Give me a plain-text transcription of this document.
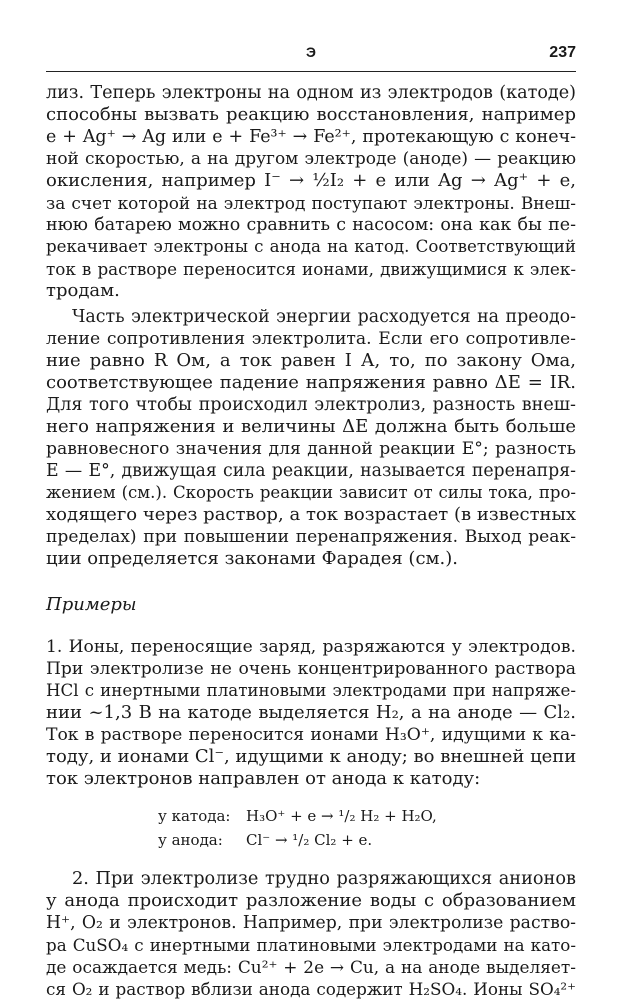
Э	237

лиз. Теперь электроны на одном из электродов (катоде)
способны вызвать реакцию восстановления, например
e + Ag⁺ → Ag или e + Fe³⁺ → Fe²⁺, протекающую с конеч-
ной скоростью, а на другом электроде (аноде) — реакцию
окисления, например I⁻ → ½I₂ + e или Ag → Ag⁺ + e,
за счет которой на электрод поступают электроны. Внеш-
нюю батарею можно сравнить с насосом: она как бы пе-
рекачивает электроны с анода на катод. Соответствующий
ток в растворе переносится ионами, движущимися к элек-
тродам.

Часть электрической энергии расходуется на преодо-
ление сопротивления электролита. Если его сопротивле-
ние равно R Ом, а ток равен I А, то, по закону Ома,
соответствующее падение напряжения равно ΔE = IR.
Для того чтобы происходил электролиз, разность внеш-
него напряжения и величины ΔE должна быть больше
равновесного значения для данной реакции E°; разность
E — E°, движущая сила реакции, называется перенапря-
жением (см.). Скорость реакции зависит от силы тока, про-
ходящего через раствор, а ток возрастает (в известных
пределах) при повышении перенапряжения. Выход реак-
ции определяется законами Фарадея (см.).

Примеры

1. Ионы, переносящие заряд, разряжаются у электродов.
При электролизе не очень концентрированного раствора
HCl с инертными платиновыми электродами при напряже-
нии ~1,3 В на катоде выделяется H₂, а на аноде — Cl₂.
Ток в растворе переносится ионами H₃O⁺, идущими к ка-
тоду, и ионами Cl⁻, идущими к аноду; во внешней цепи
ток электронов направлен от анода к катоду:

у катода:	H₃O⁺ + e → ¹/₂ H₂ + H₂O,
у анода:	Cl⁻ → ¹/₂ Cl₂ + e.

2. При электролизе трудно разряжающихся анионов
у анода происходит разложение воды с образованием
H⁺, O₂ и электронов. Например, при электролизе раство-
ра CuSO₄ с инертными платиновыми электродами на като-
де осаждается медь: Cu²⁺ + 2e → Cu, а на аноде выделяет-
ся O₂ и раствор вблизи анода содержит H₂SO₄. Ионы SO₄²⁺
